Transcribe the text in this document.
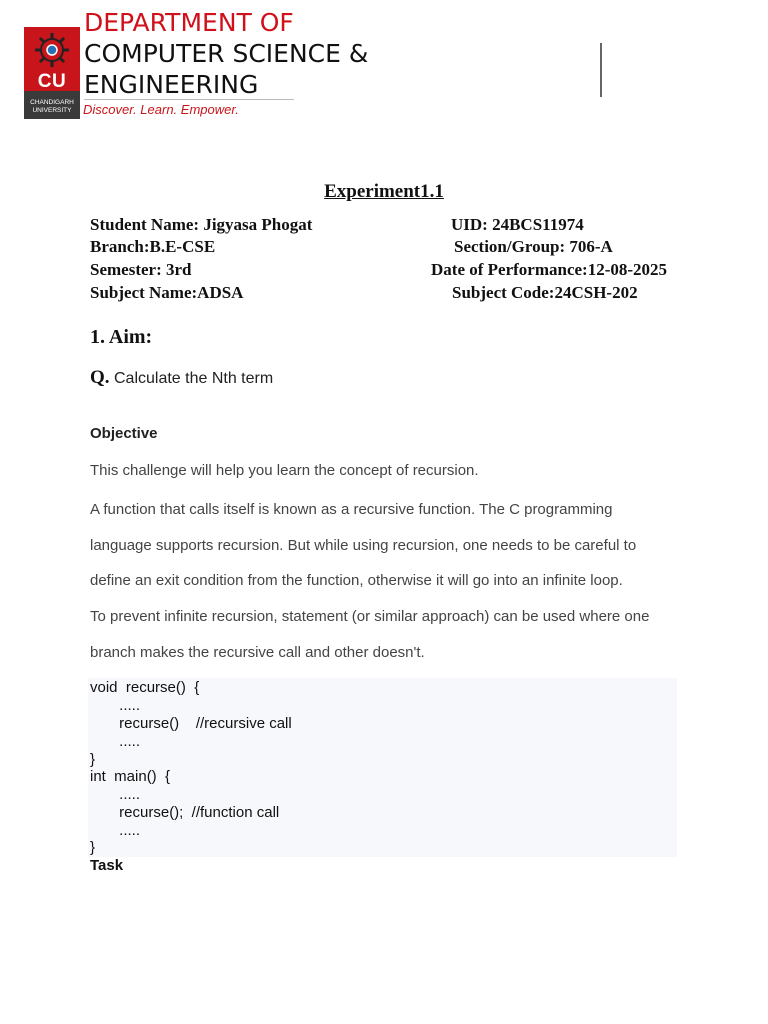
CU
CHANDIGARH
UNIVERSITY
DEPARTMENT OF
COMPUTER SCIENCE &
ENGINEERING
Discover. Learn. Empower.
Experiment1.1
Student Name: Jigyasa Phogat	UID: 24BCS11974
Branch:B.E-CSE	Section/Group: 706-A
Semester: 3rd	Date of Performance:12-08-2025
Subject Name:ADSA	Subject Code:24CSH-202
1. Aim:
Q. Calculate the Nth term
Objective
This challenge will help you learn the concept of recursion.
A function that calls itself is known as a recursive function. The C programming
language supports recursion. But while using recursion, one needs to be careful to
define an exit condition from the function, otherwise it will go into an infinite loop.
To prevent infinite recursion, statement (or similar approach) can be used where one
branch makes the recursive call and other doesn't.
void  recurse()  {
.....
recurse()    //recursive call
.....
}
int  main()  {
.....
recurse();  //function call
.....
}
Task
